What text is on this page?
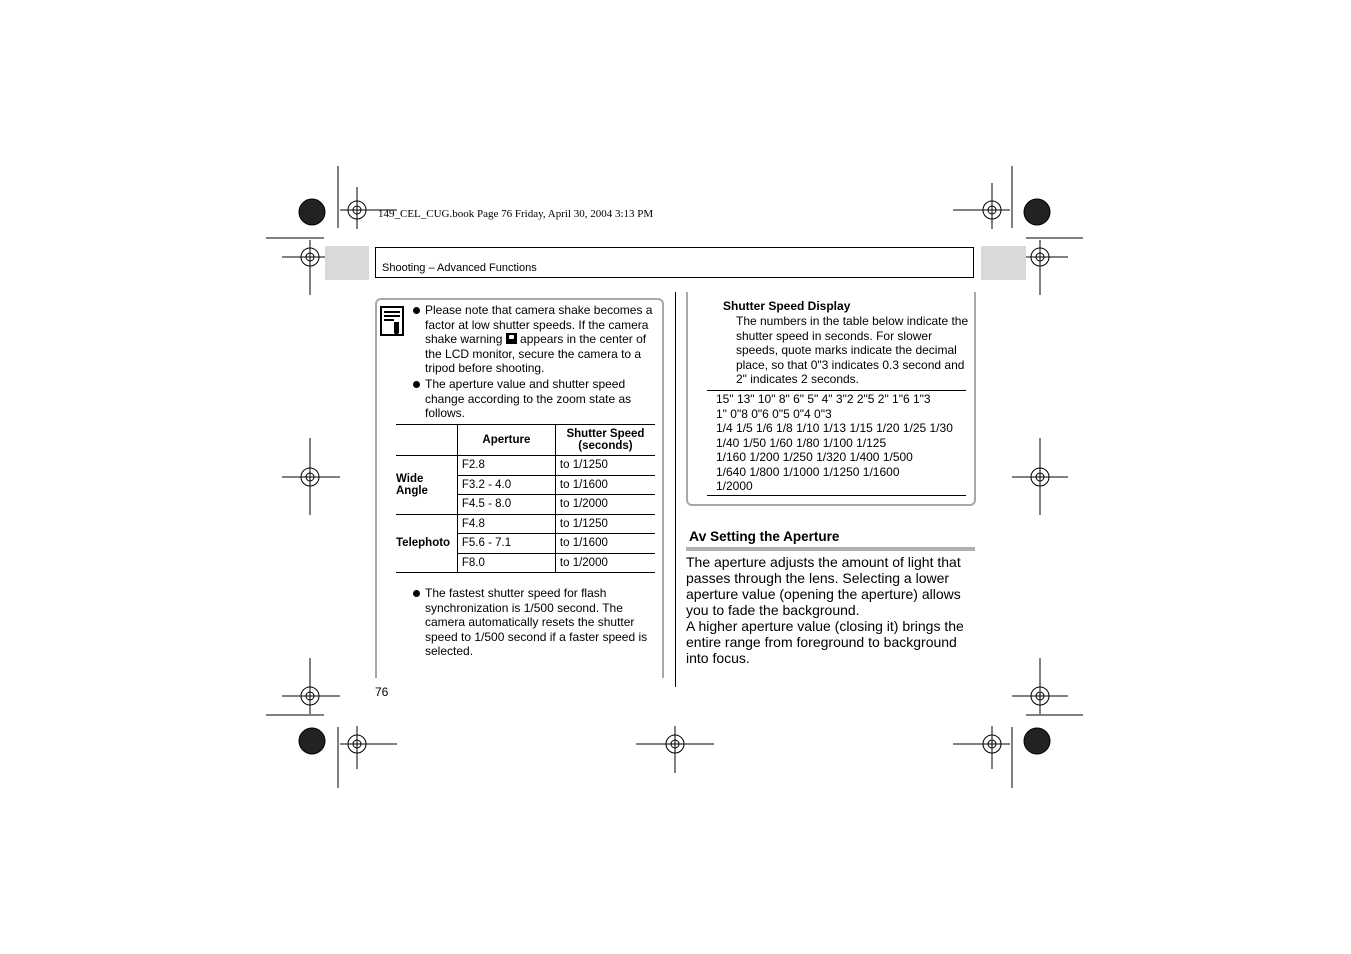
149_CEL_CUG.book Page 76 Friday, April 30, 2004 3:13 PM
Shooting – Advanced Functions
Please note that camera shake becomes a factor at low shutter speeds. If the camera shake warning  appears in the center of the LCD monitor, secure the camera to a tripod before shooting.
The aperture value and shutter speed change according to the zoom state as follows.
	Aperture	Shutter Speed (seconds)
Wide Angle	F2.8	to 1/1250
	F3.2 - 4.0	to 1/1600
	F4.5 - 8.0	to 1/2000
Telephoto	F4.8	to 1/1250
	F5.6 - 7.1	to 1/1600
	F8.0	to 1/2000
The fastest shutter speed for flash synchronization is 1/500 second. The camera automatically resets the shutter speed to 1/500 second if a faster speed is selected.
76
Shutter Speed Display
The numbers in the table below indicate the shutter speed in seconds. For slower speeds, quote marks indicate the decimal place, so that 0"3 indicates 0.3 second and 2" indicates 2 seconds.
15" 13" 10" 8" 6" 5" 4" 3"2 2"5 2" 1"6 1"3
1" 0"8 0"6 0"5 0"4 0"3
1/4 1/5 1/6 1/8 1/10 1/13 1/15 1/20 1/25 1/30
1/40 1/50 1/60 1/80 1/100 1/125
1/160 1/200 1/250 1/320 1/400 1/500
1/640 1/800 1/1000 1/1250 1/1600
1/2000
Av Setting the Aperture

The aperture adjusts the amount of light that passes through the lens. Selecting a lower aperture value (opening the aperture) allows you to fade the background.

A higher aperture value (closing it) brings the entire range from foreground to background into focus.
